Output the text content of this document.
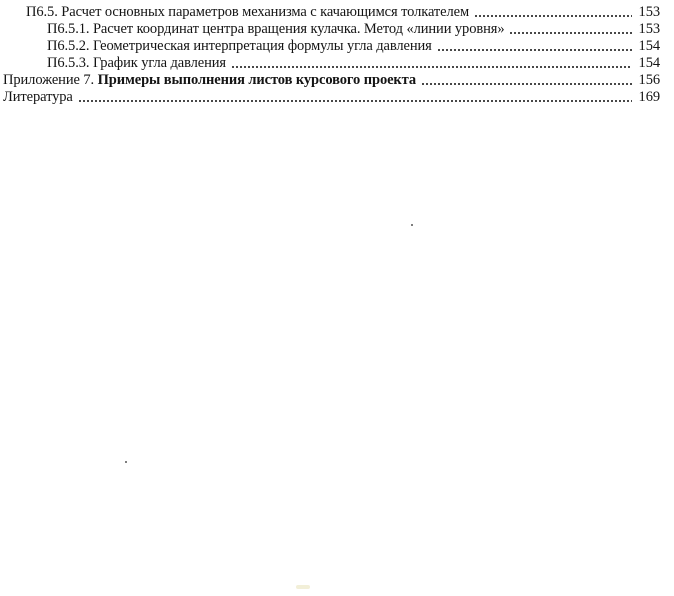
П6.5. Расчет основных параметров механизма с качающимся толкателем	153
П6.5.1. Расчет координат центра вращения кулачка. Метод «линии уровня»	153
П6.5.2. Геометрическая интерпретация формулы угла давления	154
П6.5.3. График угла давления	154
Приложение 7. Примеры выполнения листов курсового проекта	156
Литература	169
